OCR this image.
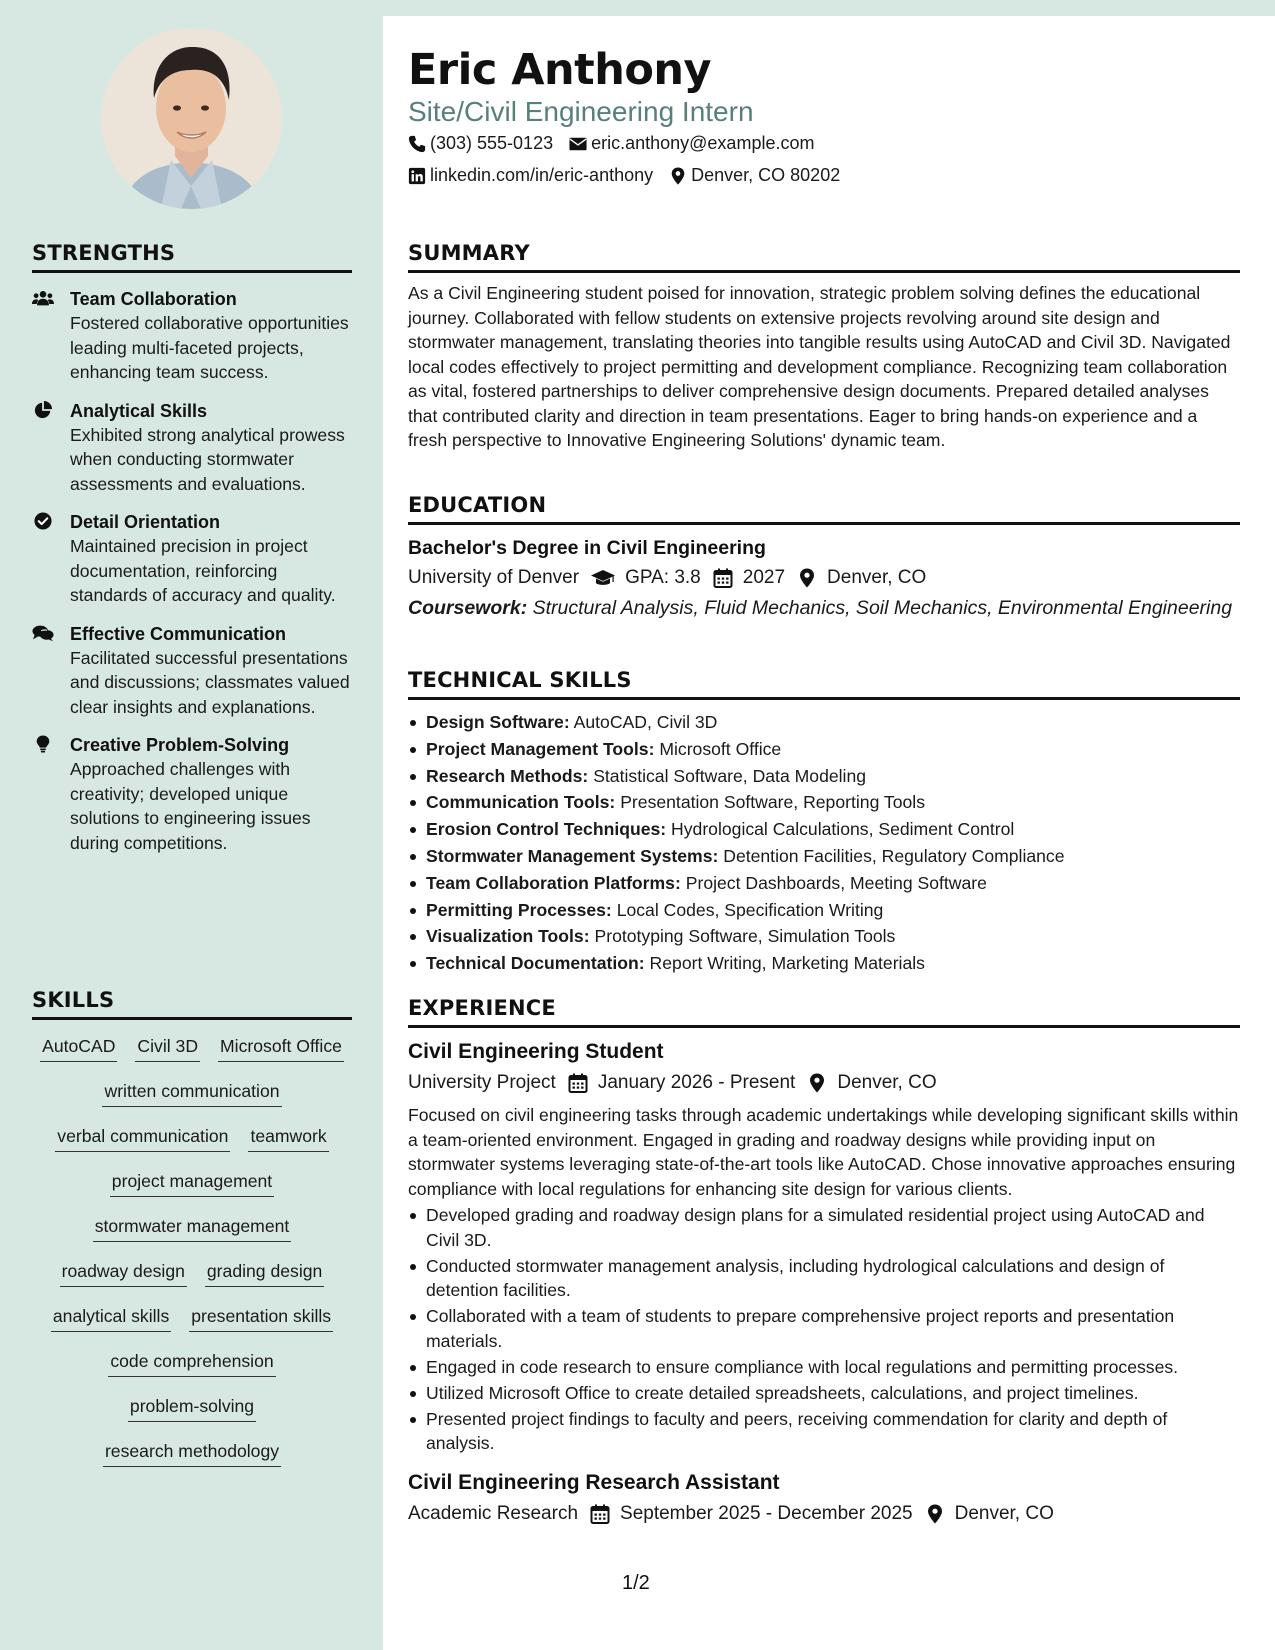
STRENGTHS
Team Collaboration
Fostered collaborative opportunities leading multi-faceted projects, enhancing team success.
Analytical Skills
Exhibited strong analytical prowess when conducting stormwater assessments and evaluations.
Detail Orientation
Maintained precision in project documentation, reinforcing standards of accuracy and quality.
Effective Communication
Facilitated successful presentations and discussions; classmates valued clear insights and explanations.
Creative Problem-Solving
Approached challenges with creativity; developed unique solutions to engineering issues during competitions.
SKILLS
AutoCAD Civil 3D Microsoft Office
written communication
verbal communication teamwork
project management
stormwater management
roadway design grading design
analytical skills presentation skills
code comprehension
problem-solving
research methodology
Eric Anthony
Site/Civil Engineering Intern
(303) 555-0123 eric.anthony@example.com
linkedin.com/in/eric-anthony Denver, CO 80202
SUMMARY

As a Civil Engineering student poised for innovation, strategic problem solving defines the educational journey. Collaborated with fellow students on extensive projects revolving around site design and stormwater management, translating theories into tangible results using AutoCAD and Civil 3D. Navigated local codes effectively to project permitting and development compliance. Recognizing team collaboration as vital, fostered partnerships to deliver comprehensive design documents. Prepared detailed analyses that contributed clarity and direction in team presentations. Eager to bring hands-on experience and a fresh perspective to Innovative Engineering Solutions' dynamic team.

EDUCATION
Bachelor's Degree in Civil Engineering
University of Denver GPA: 3.8 2027 Denver, CO
Coursework: Structural Analysis, Fluid Mechanics, Soil Mechanics, Environmental Engineering
TECHNICAL SKILLS
Design Software: AutoCAD, Civil 3D
Project Management Tools: Microsoft Office
Research Methods: Statistical Software, Data Modeling
Communication Tools: Presentation Software, Reporting Tools
Erosion Control Techniques: Hydrological Calculations, Sediment Control
Stormwater Management Systems: Detention Facilities, Regulatory Compliance
Team Collaboration Platforms: Project Dashboards, Meeting Software
Permitting Processes: Local Codes, Specification Writing
Visualization Tools: Prototyping Software, Simulation Tools
Technical Documentation: Report Writing, Marketing Materials
EXPERIENCE
Civil Engineering Student
University Project January 2026 - Present Denver, CO

Focused on civil engineering tasks through academic undertakings while developing significant skills within a team-oriented environment. Engaged in grading and roadway designs while providing input on stormwater systems leveraging state-of-the-art tools like AutoCAD. Chose innovative approaches ensuring compliance with local regulations for enhancing site design for various clients.

Developed grading and roadway design plans for a simulated residential project using AutoCAD and Civil 3D.
Conducted stormwater management analysis, including hydrological calculations and design of detention facilities.
Collaborated with a team of students to prepare comprehensive project reports and presentation materials.
Engaged in code research to ensure compliance with local regulations and permitting processes.
Utilized Microsoft Office to create detailed spreadsheets, calculations, and project timelines.
Presented project findings to faculty and peers, receiving commendation for clarity and depth of analysis.
Civil Engineering Research Assistant
Academic Research September 2025 - December 2025 Denver, CO
1/2
